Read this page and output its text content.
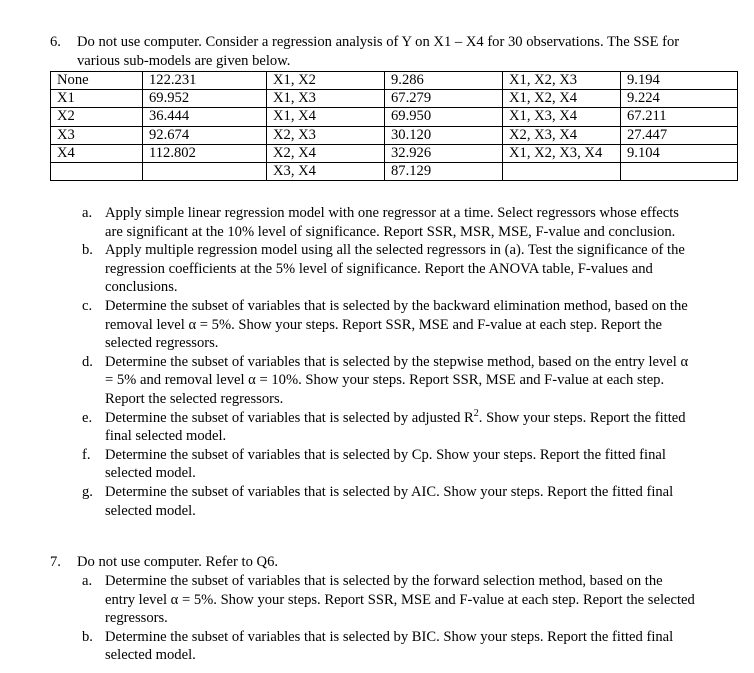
6. Do not use computer. Consider a regression analysis of Y on X1 – X4 for 30 observations. The SSE for various sub-models are given below.
None	122.231	X1, X2	9.286	X1, X2, X3	9.194
X1	69.952	X1, X3	67.279	X1, X2, X4	9.224
X2	36.444	X1, X4	69.950	X1, X3, X4	67.211
X3	92.674	X2, X3	30.120	X2, X3, X4	27.447
X4	112.802	X2, X4	32.926	X1, X2, X3, X4	9.104
		X3, X4	87.129		
a. Apply simple linear regression model with one regressor at a time. Select regressors whose effects are significant at the 10% level of significance. Report SSR, MSR, MSE, F-value and conclusion.
b. Apply multiple regression model using all the selected regressors in (a). Test the significance of the regression coefficients at the 5% level of significance. Report the ANOVA table, F-values and conclusions.
c. Determine the subset of variables that is selected by the backward elimination method, based on the removal level α = 5%. Show your steps. Report SSR, MSE and F-value at each step. Report the selected regressors.
d. Determine the subset of variables that is selected by the stepwise method, based on the entry level α = 5% and removal level α = 10%. Show your steps. Report SSR, MSE and F-value at each step. Report the selected regressors.
e. Determine the subset of variables that is selected by adjusted $R^2$. Show your steps. Report the fitted final selected model.
f. Determine the subset of variables that is selected by Cp. Show your steps. Report the fitted final selected model.
g. Determine the subset of variables that is selected by AIC. Show your steps. Report the fitted final selected model.
7. Do not use computer. Refer to Q6.
a. Determine the subset of variables that is selected by the forward selection method, based on the entry level α = 5%. Show your steps. Report SSR, MSE and F-value at each step. Report the selected regressors.
b. Determine the subset of variables that is selected by BIC. Show your steps. Report the fitted final selected model.
